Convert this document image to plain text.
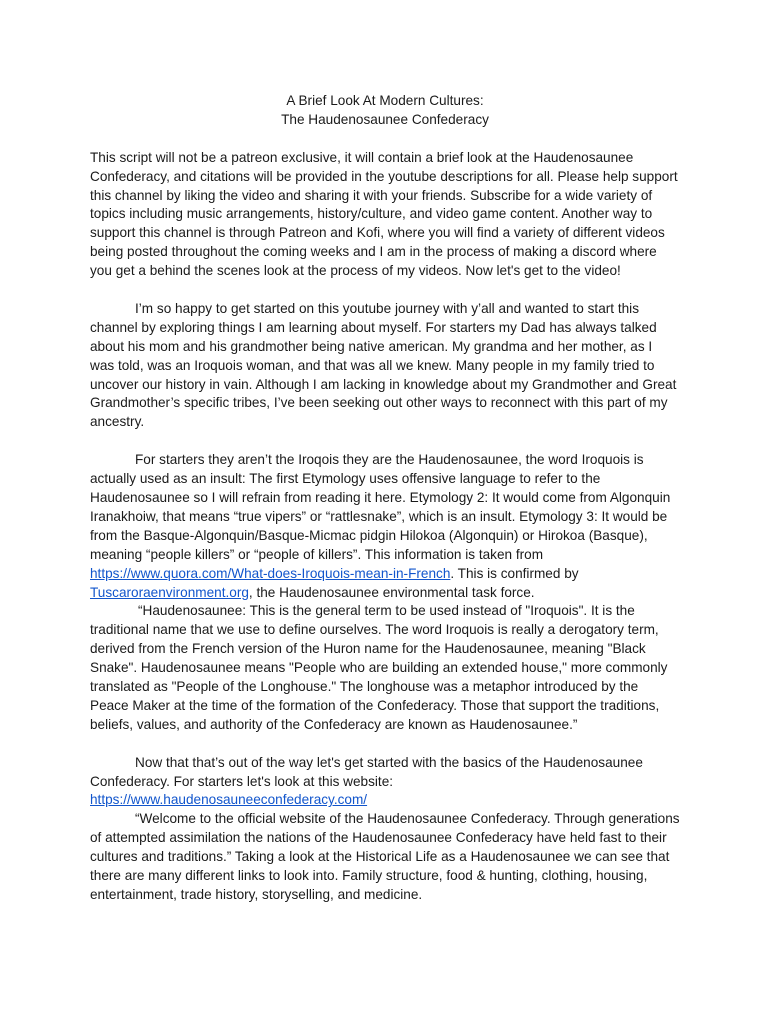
A Brief Look At Modern Cultures:
The Haudenosaunee Confederacy

This script will not be a patreon exclusive, it will contain a brief look at the Haudenosaunee Confederacy, and citations will be provided in the youtube descriptions for all. Please help support this channel by liking the video and sharing it with your friends. Subscribe for a wide variety of topics including music arrangements, history/culture, and video game content. Another way to support this channel is through Patreon and Kofi, where you will find a variety of different videos being posted throughout the coming weeks and I am in the process of making a discord where you get a behind the scenes look at the process of my videos. Now let's get to the video!

I’m so happy to get started on this youtube journey with y’all and wanted to start this channel by exploring things I am learning about myself. For starters my Dad has always talked about his mom and his grandmother being native american. My grandma and her mother, as I was told, was an Iroquois woman, and that was all we knew. Many people in my family tried to uncover our history in vain. Although I am lacking in knowledge about my Grandmother and Great Grandmother’s specific tribes, I’ve been seeking out other ways to reconnect with this part of my ancestry.

For starters they aren’t the Iroqois they are the Haudenosaunee, the word Iroquois is actually used as an insult: The first Etymology uses offensive language to refer to the Haudenosaunee so I will refrain from reading it here. Etymology 2: It would come from Algonquin Iranakhoiw, that means “true vipers” or “rattlesnake”, which is an insult. Etymology 3: It would be from the Basque-Algonquin/Basque-Micmac pidgin Hilokoa (Algonquin) or Hirokoa (Basque), meaning “people killers” or “people of killers”. This information is taken from https://www.quora.com/What-does-Iroquois-mean-in-French. This is confirmed by Tuscaroraenvironment.org, the Haudenosaunee environmental task force.

“Haudenosaunee: This is the general term to be used instead of "Iroquois". It is the traditional name that we use to define ourselves. The word Iroquois is really a derogatory term, derived from the French version of the Huron name for the Haudenosaunee, meaning "Black Snake". Haudenosaunee means "People who are building an extended house," more commonly translated as "People of the Longhouse." The longhouse was a metaphor introduced by the Peace Maker at the time of the formation of the Confederacy. Those that support the traditions, beliefs, values, and authority of the Confederacy are known as Haudenosaunee.”

Now that that’s out of the way let's get started with the basics of the Haudenosaunee Confederacy. For starters let's look at this website:
https://www.haudenosauneeconfederacy.com/

“Welcome to the official website of the Haudenosaunee Confederacy. Through generations of attempted assimilation the nations of the Haudenosaunee Confederacy have held fast to their cultures and traditions.” Taking a look at the Historical Life as a Haudenosaunee we can see that there are many different links to look into. Family structure, food & hunting, clothing, housing, entertainment, trade history, storyselling, and medicine.
